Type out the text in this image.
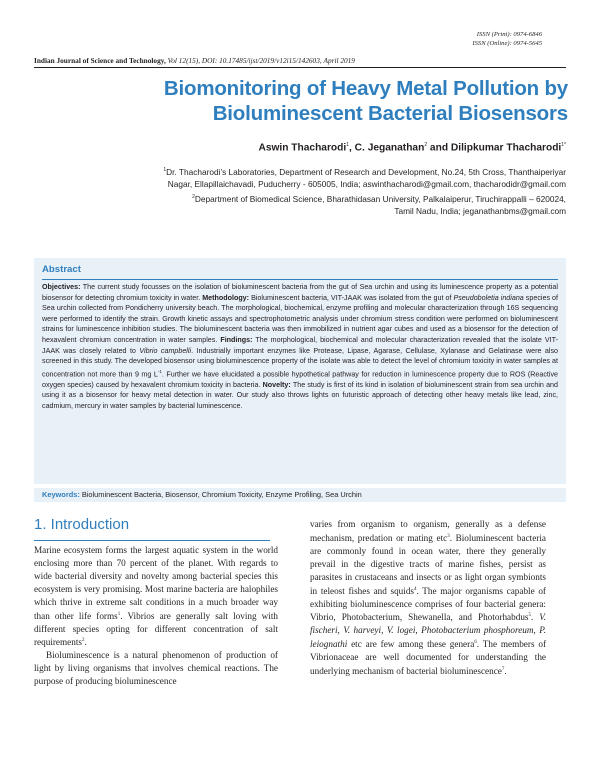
ISSN (Print): 0974-6846
ISSN (Online): 0974-5645
Indian Journal of Science and Technology, Vol 12(15), DOI: 10.17485/ijst/2019/v12i15/142603, April 2019
Biomonitoring of Heavy Metal Pollution by
Bioluminescent Bacterial Biosensors
Aswin Thacharodi$^1$, C. Jeganathan$^2$ and Dilipkumar Thacharodi$^{1*}$
$^1$Dr. Thacharodi’s Laboratories, Department of Research and Development, No.24, 5th Cross, Thanthaiperiyar
Nagar, Ellapillaichavadi, Puducherry - 605005, India; aswinthacharodi@gmail.com, thacharodidr@gmail.com
$^2$Department of Biomedical Science, Bharathidasan University, Palkalaiperur, Tiruchirappalli – 620024,
Tamil Nadu, India; jeganathanbms@gmail.com
Abstract
Objectives: The current study focusses on the isolation of bioluminescent bacteria from the gut of Sea urchin and using its luminescence property as a potential biosensor for detecting chromium toxicity in water. Methodology: Bioluminescent bacteria, VIT-JAAK was isolated from the gut of Pseudoboletia indiana species of Sea urchin collected from Pondicherry university beach. The morphological, biochemical, enzyme profiling and molecular characterization through 16S sequencing were performed to identify the strain. Growth kinetic assays and spectrophotometric analysis under chromium stress condition were performed on bioluminescent strains for luminescence inhibition studies. The bioluminescent bacteria was then immobilized in nutrient agar cubes and used as a biosensor for the detection of hexavalent chromium concentration in water samples. Findings: The morphological, biochemical and molecular characterization revealed that the isolate VIT-JAAK was closely related to Vibrio campbelli. Industrially important enzymes like Protease, Lipase, Agarase, Cellulase, Xylanase and Gelatinase were also screened in this study. The developed biosensor using bioluminescence property of the isolate was able to detect the level of chromium toxicity in water samples at concentration not more than 9 mg $L^{-1}$. Further we have elucidated a possible hypothetical pathway for reduction in luminescence property due to ROS (Reactive oxygen species) caused by hexavalent chromium toxicity in bacteria. Novelty: The study is first of its kind in isolation of bioluminescent strain from sea urchin and using it as a biosensor for heavy metal detection in water. Our study also throws lights on futuristic approach of detecting other heavy metals like lead, zinc, cadmium, mercury in water samples by bacterial luminescence.
Keywords: Bioluminescent Bacteria, Biosensor, Chromium Toxicity, Enzyme Profiling, Sea Urchin
1. Introduction

Marine ecosystem forms the largest aquatic system in the world enclosing more than 70 percent of the planet. With regards to wide bacterial diversity and novelty among bacterial species this ecosystem is very promising. Most marine bacteria are halophiles which thrive in extreme salt conditions in a much broader way than other life forms$^1$. Vibrios are generally salt loving with different species opting for different concentration of salt requirements$^2$.

Bioluminescence is a natural phenomenon of production of light by living organisms that involves chemical reactions. The purpose of producing bioluminescence

varies from organism to organism, generally as a defense mechanism, predation or mating etc$^3$. Bioluminescent bacteria are commonly found in ocean water, there they generally prevail in the digestive tracts of marine fishes, persist as parasites in crustaceans and insects or as light organ symbionts in teleost fishes and squids$^4$. The major organisms capable of exhibiting bioluminescence comprises of four bacterial genera: Vibrio, Photobacterium, Shewanella, and Photorhabdus$^5$. V. fischeri, V. harveyi, V. logei, Photobacterium phosphoreum, P. leiognathi etc are few among these genera$^6$. The members of Vibrionaceae are well documented for understanding the underlying mechanism of bacterial bioluminescence$^7$.
